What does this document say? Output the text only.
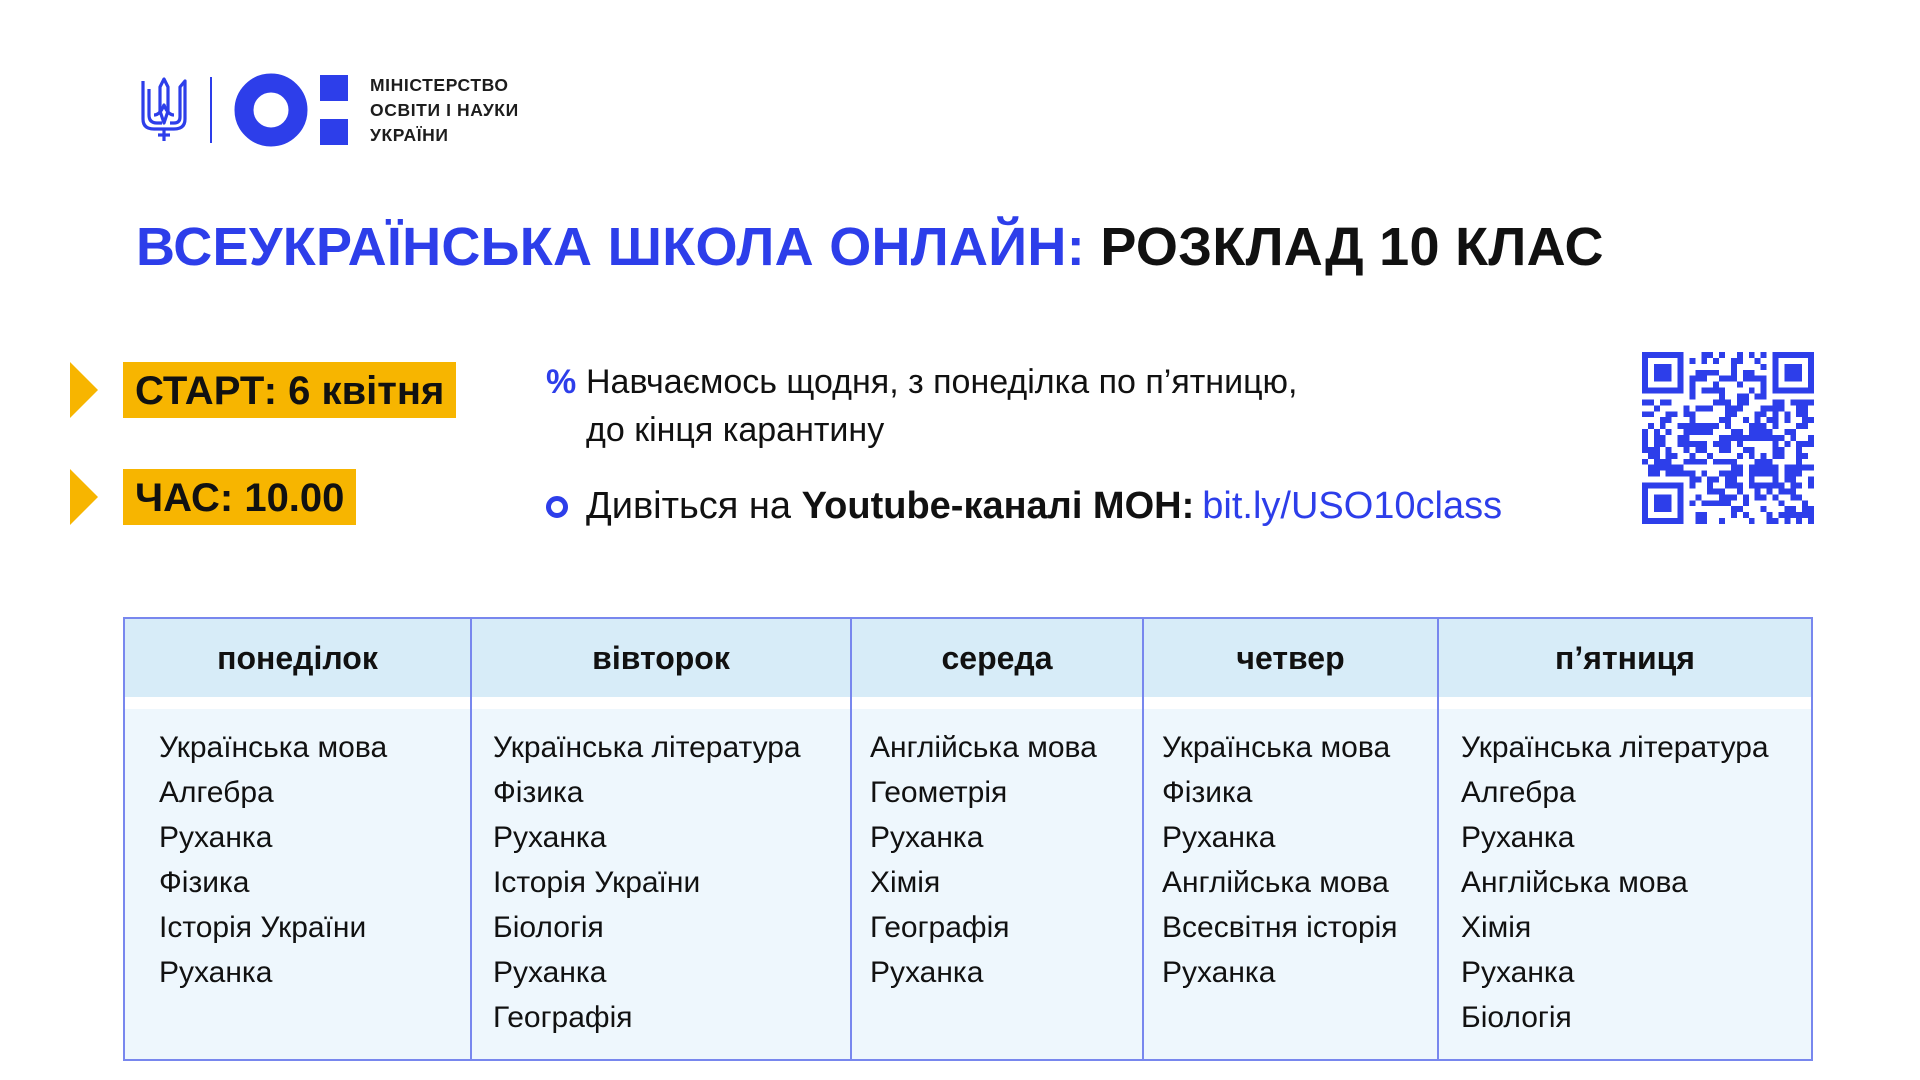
МІНІСТЕРСТВО
ОСВІТИ І НАУКИ
УКРАЇНИ
ВСЕУКРАЇНСЬКА ШКОЛА ОНЛАЙН: РОЗКЛАД 10 КЛАС
СТАРТ: 6 квітня
ЧАС: 10.00
% Навчаємось щодня, з понеділка по п’ятницю,
до кінця карантину
Дивіться на Youtube-каналі МОН: bit.ly/USO10class
понеділок
Українська мова
Алгебра
Руханка
Фізика
Історія України
Руханка
вівторок
Українська література
Фізика
Руханка
Історія України
Біологія
Руханка
Географія
середа
Англійська мова
Геометрія
Руханка
Хімія
Географія
Руханка
четвер
Українська мова
Фізика
Руханка
Англійська мова
Всесвітня історія
Руханка
п’ятниця
Українська література
Алгебра
Руханка
Англійська мова
Хімія
Руханка
Біологія
